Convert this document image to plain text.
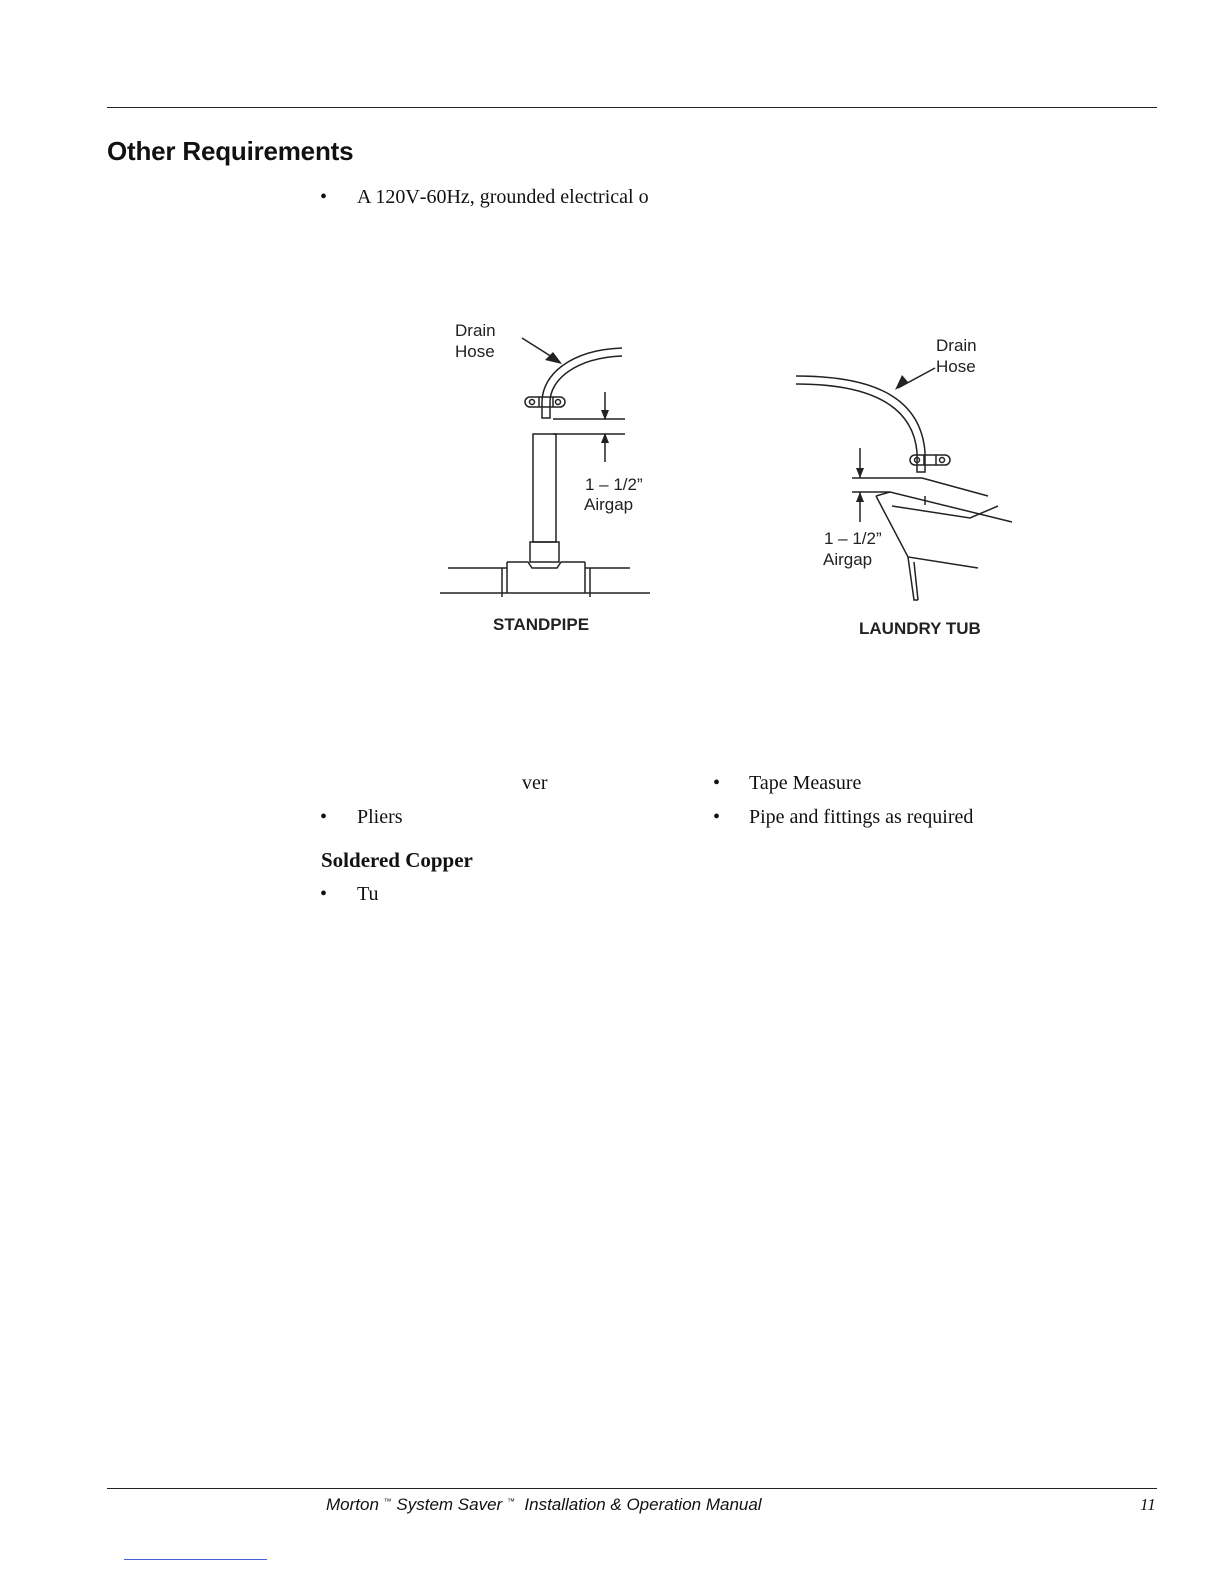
Other Requirements
• A 120V‑60Hz, grounded electrical o
Drain
Hose
1 – 1/2”
Airgap
STANDPIPE
Drain
Hose
1 – 1/2”
Airgap
LAUNDRY TUB
ver	• Tape Measure
• Pliers	• Pipe and fittings as required
Soldered Copper
• Tu
Morton ™ System Saver ™ Installation & Operation Manual	11
